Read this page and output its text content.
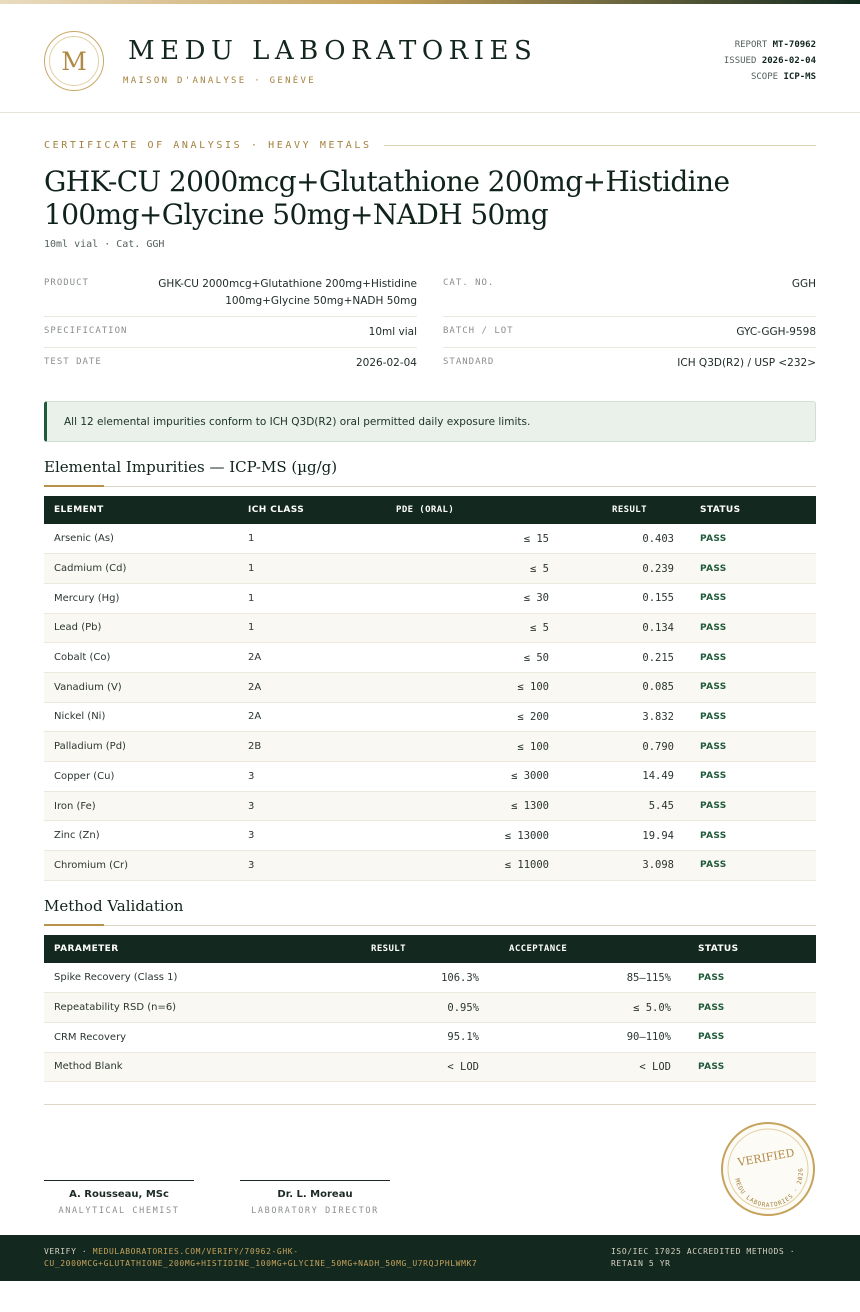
M	MEDU LABORATORIES
MAISON D'ANALYSE · GENÈVE
REPORT MT-70962
ISSUED 2026-02-04
SCOPE ICP-MS
CERTIFICATE OF ANALYSIS · HEAVY METALS
GHK-CU 2000mcg+Glutathione 200mg+Histidine 100mg+Glycine 50mg+NADH 50mg
10ml vial · Cat. GGH
PRODUCT	GHK-CU 2000mcg+Glutathione 200mg+Histidine 100mg+Glycine 50mg+NADH 50mg
SPECIFICATION	10ml vial
TEST DATE	2026-02-04
CAT. NO.	GGH
BATCH / LOT	GYC-GGH-9598
STANDARD	ICH Q3D(R2) / USP <232>
All 12 elemental impurities conform to ICH Q3D(R2) oral permitted daily exposure limits.
Elemental Impurities — ICP-MS (µg/g)
ELEMENT	ICH CLASS	PDE (ORAL)	RESULT	STATUS
Arsenic (As)	1	≤ 15	0.403	PASS
Cadmium (Cd)	1	≤ 5	0.239	PASS
Mercury (Hg)	1	≤ 30	0.155	PASS
Lead (Pb)	1	≤ 5	0.134	PASS
Cobalt (Co)	2A	≤ 50	0.215	PASS
Vanadium (V)	2A	≤ 100	0.085	PASS
Nickel (Ni)	2A	≤ 200	3.832	PASS
Palladium (Pd)	2B	≤ 100	0.790	PASS
Copper (Cu)	3	≤ 3000	14.49	PASS
Iron (Fe)	3	≤ 1300	5.45	PASS
Zinc (Zn)	3	≤ 13000	19.94	PASS
Chromium (Cr)	3	≤ 11000	3.098	PASS
Method Validation
PARAMETER	RESULT	ACCEPTANCE	STATUS
Spike Recovery (Class 1)	106.3%	85–115%	PASS
Repeatability RSD (n=6)	0.95%	≤ 5.0%	PASS
CRM Recovery	95.1%	90–110%	PASS
Method Blank	< LOD	< LOD	PASS
A. Rousseau, MSc
ANALYTICAL CHEMIST
Dr. L. Moreau
LABORATORY DIRECTOR
VERIFIED
MEDU LABORATORIES · 2026
VERIFY · MEDULABORATORIES.COM/VERIFY/70962-GHK-CU_2000MCG+GLUTATHIONE_200MG+HISTIDINE_100MG+GLYCINE_50MG+NADH_50MG_U7RQJPHLWMK7
ISO/IEC 17025 ACCREDITED METHODS · RETAIN 5 YR
